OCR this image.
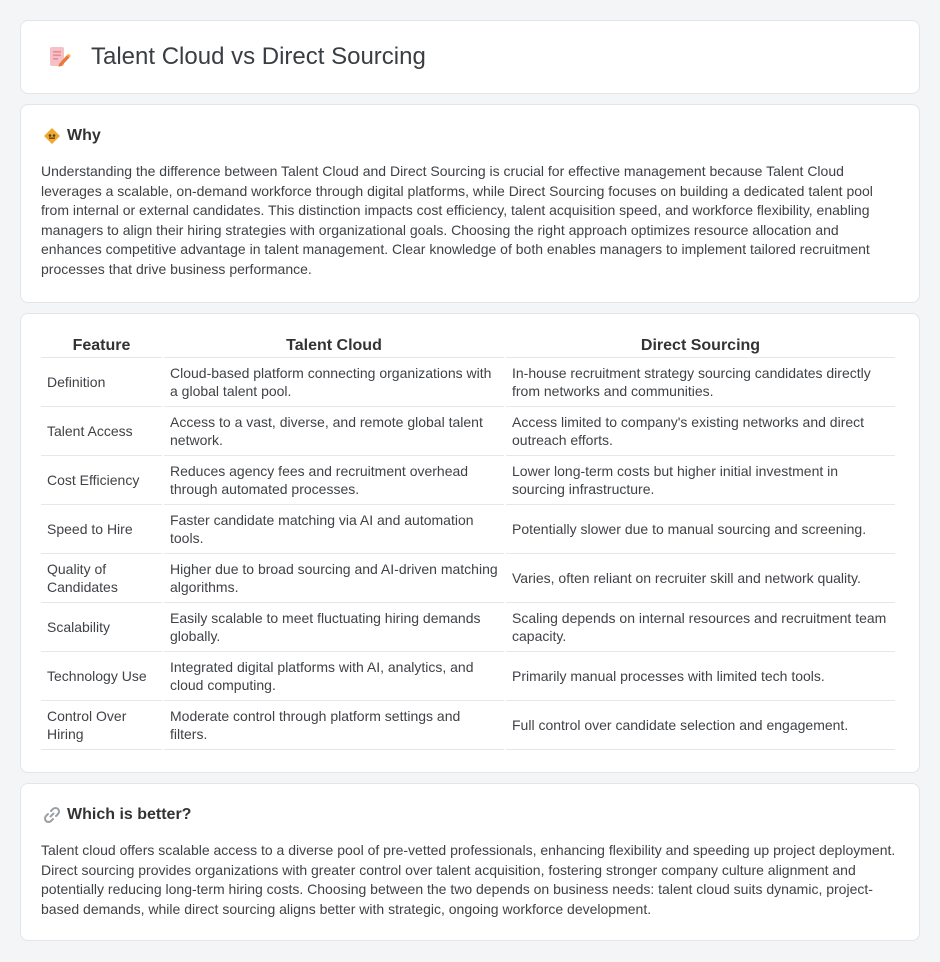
Talent Cloud vs Direct Sourcing
Why

Understanding the difference between Talent Cloud and Direct Sourcing is crucial for effective management because Talent Cloud leverages a scalable, on-demand workforce through digital platforms, while Direct Sourcing focuses on building a dedicated talent pool from internal or external candidates. This distinction impacts cost efficiency, talent acquisition speed, and workforce flexibility, enabling managers to align their hiring strategies with organizational goals. Choosing the right approach optimizes resource allocation and enhances competitive advantage in talent management. Clear knowledge of both enables managers to implement tailored recruitment processes that drive business performance.

Feature	Talent Cloud	Direct Sourcing
Definition	Cloud-based platform connecting organizations with a global talent pool.	In-house recruitment strategy sourcing candidates directly from networks and communities.
Talent Access	Access to a vast, diverse, and remote global talent network.	Access limited to company's existing networks and direct outreach efforts.
Cost Efficiency	Reduces agency fees and recruitment overhead through automated processes.	Lower long-term costs but higher initial investment in sourcing infrastructure.
Speed to Hire	Faster candidate matching via AI and automation tools.	Potentially slower due to manual sourcing and screening.
Quality of Candidates	Higher due to broad sourcing and AI-driven matching algorithms.	Varies, often reliant on recruiter skill and network quality.
Scalability	Easily scalable to meet fluctuating hiring demands globally.	Scaling depends on internal resources and recruitment team capacity.
Technology Use	Integrated digital platforms with AI, analytics, and cloud computing.	Primarily manual processes with limited tech tools.
Control Over Hiring	Moderate control through platform settings and filters.	Full control over candidate selection and engagement.
Which is better?

Talent cloud offers scalable access to a diverse pool of pre-vetted professionals, enhancing flexibility and speeding up project deployment. Direct sourcing provides organizations with greater control over talent acquisition, fostering stronger company culture alignment and potentially reducing long-term hiring costs. Choosing between the two depends on business needs: talent cloud suits dynamic, project-based demands, while direct sourcing aligns better with strategic, ongoing workforce development.
